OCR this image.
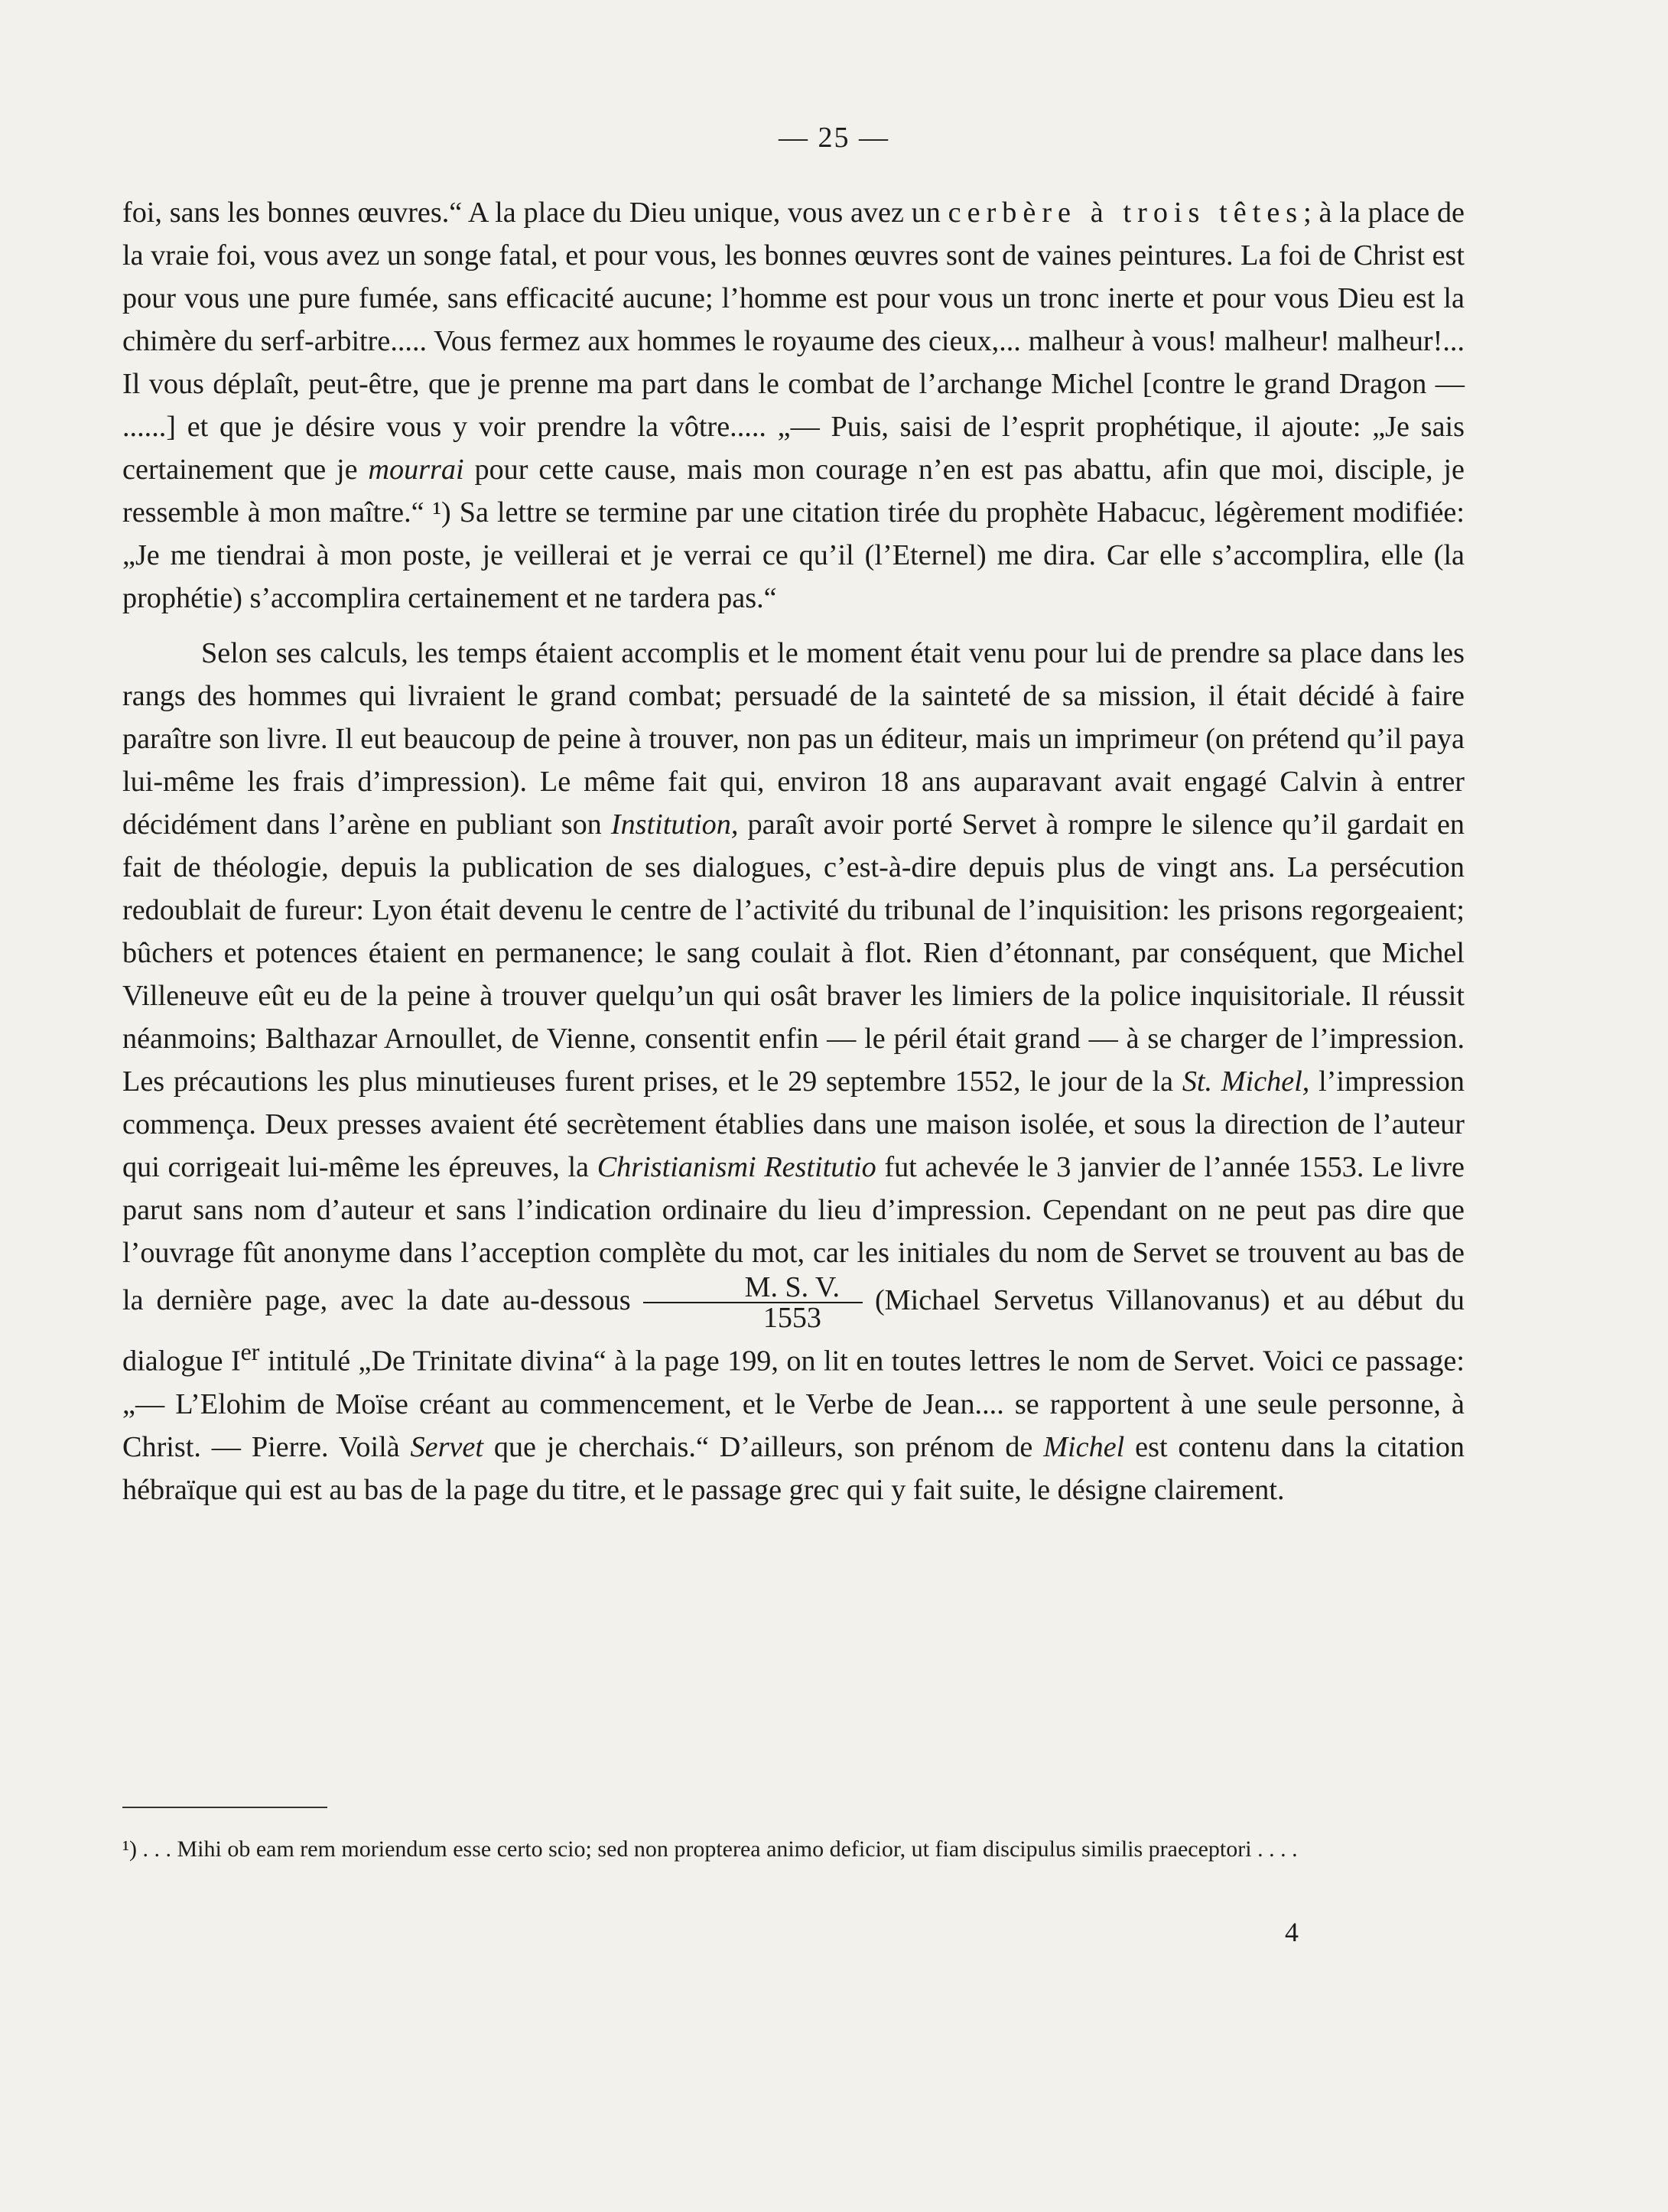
— 25 —

foi, sans les bonnes œuvres.“ A la place du Dieu unique, vous avez un cerbère à trois têtes; à la place de la vraie foi, vous avez un songe fatal, et pour vous, les bonnes œuvres sont de vaines peintures. La foi de Christ est pour vous une pure fumée, sans efficacité aucune; l’homme est pour vous un tronc inerte et pour vous Dieu est la chimère du serf-arbitre..... Vous fermez aux hommes le royaume des cieux,... malheur à vous! malheur! malheur!... Il vous déplaît, peut-être, que je prenne ma part dans le combat de l’archange Michel [contre le grand Dragon — ......] et que je désire vous y voir prendre la vôtre..... „— Puis, saisi de l’esprit prophétique, il ajoute: „Je sais certainement que je mourrai pour cette cause, mais mon courage n’en est pas abattu, afin que moi, disciple, je ressemble à mon maître.“ ¹) Sa lettre se termine par une citation tirée du prophète Habacuc, légèrement modifiée: „Je me tiendrai à mon poste, je veillerai et je verrai ce qu’il (l’Eternel) me dira. Car elle s’accomplira, elle (la prophétie) s’accomplira certainement et ne tardera pas.“

Selon ses calculs, les temps étaient accomplis et le moment était venu pour lui de prendre sa place dans les rangs des hommes qui livraient le grand combat; persuadé de la sainteté de sa mission, il était décidé à faire paraître son livre. Il eut beaucoup de peine à trouver, non pas un éditeur, mais un imprimeur (on prétend qu’il paya lui-même les frais d’impression). Le même fait qui, environ 18 ans auparavant avait engagé Calvin à entrer décidément dans l’arène en publiant son Institution, paraît avoir porté Servet à rompre le silence qu’il gardait en fait de théologie, depuis la publication de ses dialogues, c’est-à-dire depuis plus de vingt ans. La persécution redoublait de fureur: Lyon était devenu le centre de l’activité du tribunal de l’inquisition: les prisons regorgeaient; bûchers et potences étaient en permanence; le sang coulait à flot. Rien d’étonnant, par conséquent, que Michel Villeneuve eût eu de la peine à trouver quelqu’un qui osât braver les limiers de la police inquisitoriale. Il réussit néanmoins; Balthazar Arnoullet, de Vienne, consentit enfin — le péril était grand — à se charger de l’impression. Les précautions les plus minutieuses furent prises, et le 29 septembre 1552, le jour de la St. Michel, l’impression commença. Deux presses avaient été secrètement établies dans une maison isolée, et sous la direction de l’auteur qui corrigeait lui-même les épreuves, la Christianismi Restitutio fut achevée le 3 janvier de l’année 1553. Le livre parut sans nom d’auteur et sans l’indication ordinaire du lieu d’impression. Cependant on ne peut pas dire que l’ouvrage fût anonyme dans l’acception complète du mot, car les initiales du nom de Servet se trouvent au bas de la dernière page, avec la date au-dessous $\frac{M. S. V.}{1553}$ (Michael Servetus Villanovanus) et au début du dialogue Ier intitulé „De Trinitate divina“ à la page 199, on lit en toutes lettres le nom de Servet. Voici ce passage: „— L’Elohim de Moïse créant au commencement, et le Verbe de Jean.... se rapportent à une seule personne, à Christ. — Pierre. Voilà Servet que je cherchais.“ D’ailleurs, son prénom de Michel est contenu dans la citation hébraïque qui est au bas de la page du titre, et le passage grec qui y fait suite, le désigne clairement.

¹) . . . Mihi ob eam rem moriendum esse certo scio; sed non propterea animo deficior, ut fiam discipulus similis praeceptori . . . .
4
